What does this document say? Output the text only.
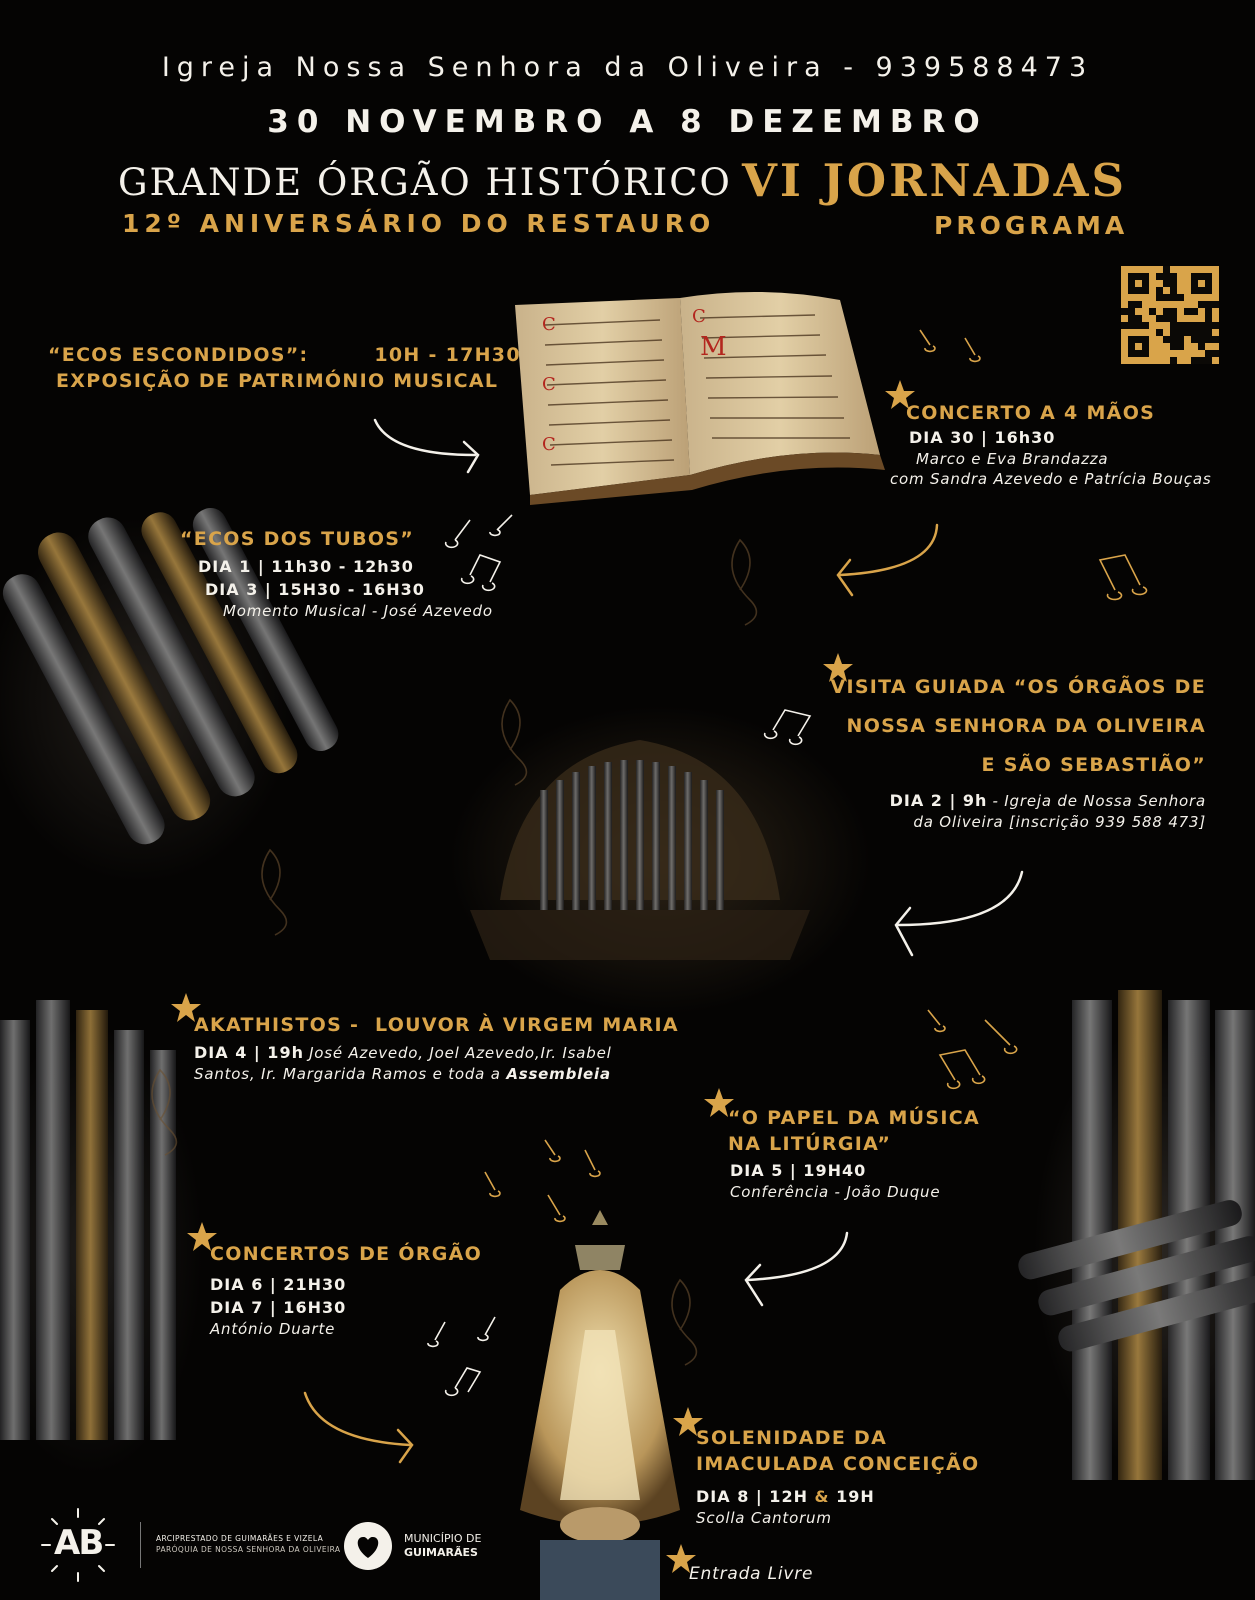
C
C
C
C
M
Igreja Nossa Senhora da Oliveira - 939588473
30 NOVEMBRO A 8 DEZEMBRO
GRANDE ÓRGÃO HISTÓRICO VI JORNADAS
12º ANIVERSÁRIO DO RESTAURO	PROGRAMA
“ECOS ESCONDIDOS”:	10H - 17H30
EXPOSIÇÃO DE PATRIMÓNIO MUSICAL
CONCERTO A 4 MÃOS
DIA 30 | 16h30
Marco e Eva Brandazza
com Sandra Azevedo e Patrícia Bouças
“ECOS DOS TUBOS”
DIA 1 | 11h30 - 12h30
DIA 3 | 15H30 - 16H30
Momento Musical - José Azevedo
VISITA GUIADA “OS ÓRGÃOS DE
NOSSA SENHORA DA OLIVEIRA
E SÃO SEBASTIÃO”
DIA 2 | 9h - Igreja de Nossa Senhora
da Oliveira [inscrição 939 588 473]
AKATHISTOS -  LOUVOR À VIRGEM MARIA
DIA 4 | 19h José Azevedo, Joel Azevedo,Ir. Isabel
Santos, Ir. Margarida Ramos e toda a Assembleia
“O PAPEL DA MÚSICA
NA LITÚRGIA”
DIA 5 | 19H40
Conferência - João Duque
CONCERTOS DE ÓRGÃO
DIA 6 | 21H30
DIA 7 | 16H30
António Duarte
SOLENIDADE DA
IMACULADA CONCEIÇÃO
DIA 8 | 12H & 19H
Scolla Cantorum
Entrada Livre
AB	ARCIPRESTADO DE GUIMARÃES E VIZELA
PARÓQUIA DE NOSSA SENHORA DA OLIVEIRA
MUNICÍPIO DE
GUIMARÃES
